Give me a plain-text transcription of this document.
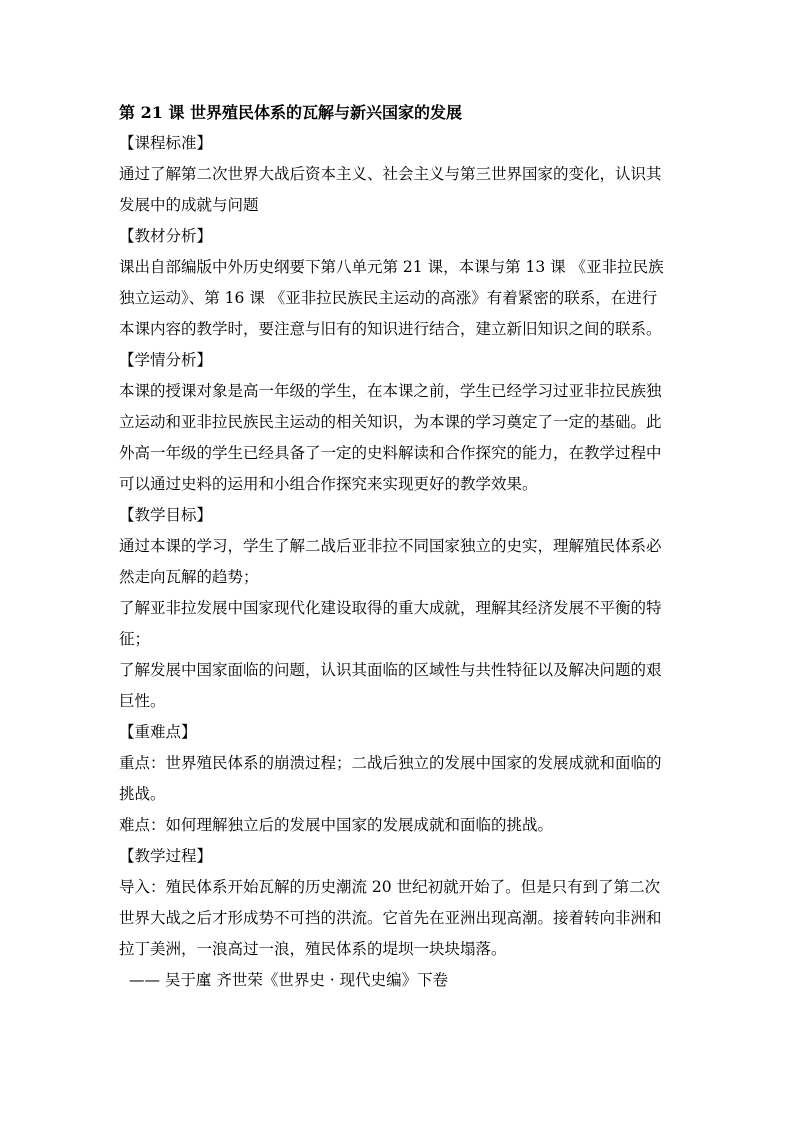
第 21 课 世界殖民体系的瓦解与新兴国家的发展
【课程标准】
通过了解第二次世界大战后资本主义、社会主义与第三世界国家的变化，认识其
发展中的成就与问题
【教材分析】
课出自部编版中外历史纲要下第八单元第 21 课，本课与第 13 课 《亚非拉民族
独立运动》、第 16 课 《亚非拉民族民主运动的高涨》有着紧密的联系，在进行
本课内容的教学时，要注意与旧有的知识进行结合，建立新旧知识之间的联系。
【学情分析】
本课的授课对象是高一年级的学生，在本课之前，学生已经学习过亚非拉民族独
立运动和亚非拉民族民主运动的相关知识，为本课的学习奠定了一定的基础。此
外高一年级的学生已经具备了一定的史料解读和合作探究的能力，在教学过程中
可以通过史料的运用和小组合作探究来实现更好的教学效果。
【教学目标】
通过本课的学习，学生了解二战后亚非拉不同国家独立的史实，理解殖民体系必
然走向瓦解的趋势；
了解亚非拉发展中国家现代化建设取得的重大成就，理解其经济发展不平衡的特
征；
了解发展中国家面临的问题，认识其面临的区域性与共性特征以及解决问题的艰
巨性。
【重难点】
重点：世界殖民体系的崩溃过程；二战后独立的发展中国家的发展成就和面临的
挑战。
难点：如何理解独立后的发展中国家的发展成就和面临的挑战。
【教学过程】
导入：殖民体系开始瓦解的历史潮流 20 世纪初就开始了。但是只有到了第二次
世界大战之后才形成势不可挡的洪流。它首先在亚洲出现高潮。接着转向非洲和
拉丁美洲，一浪高过一浪，殖民体系的堤坝一块块塌落。
—— 吴于廑 齐世荣《世界史 · 现代史编》下卷
